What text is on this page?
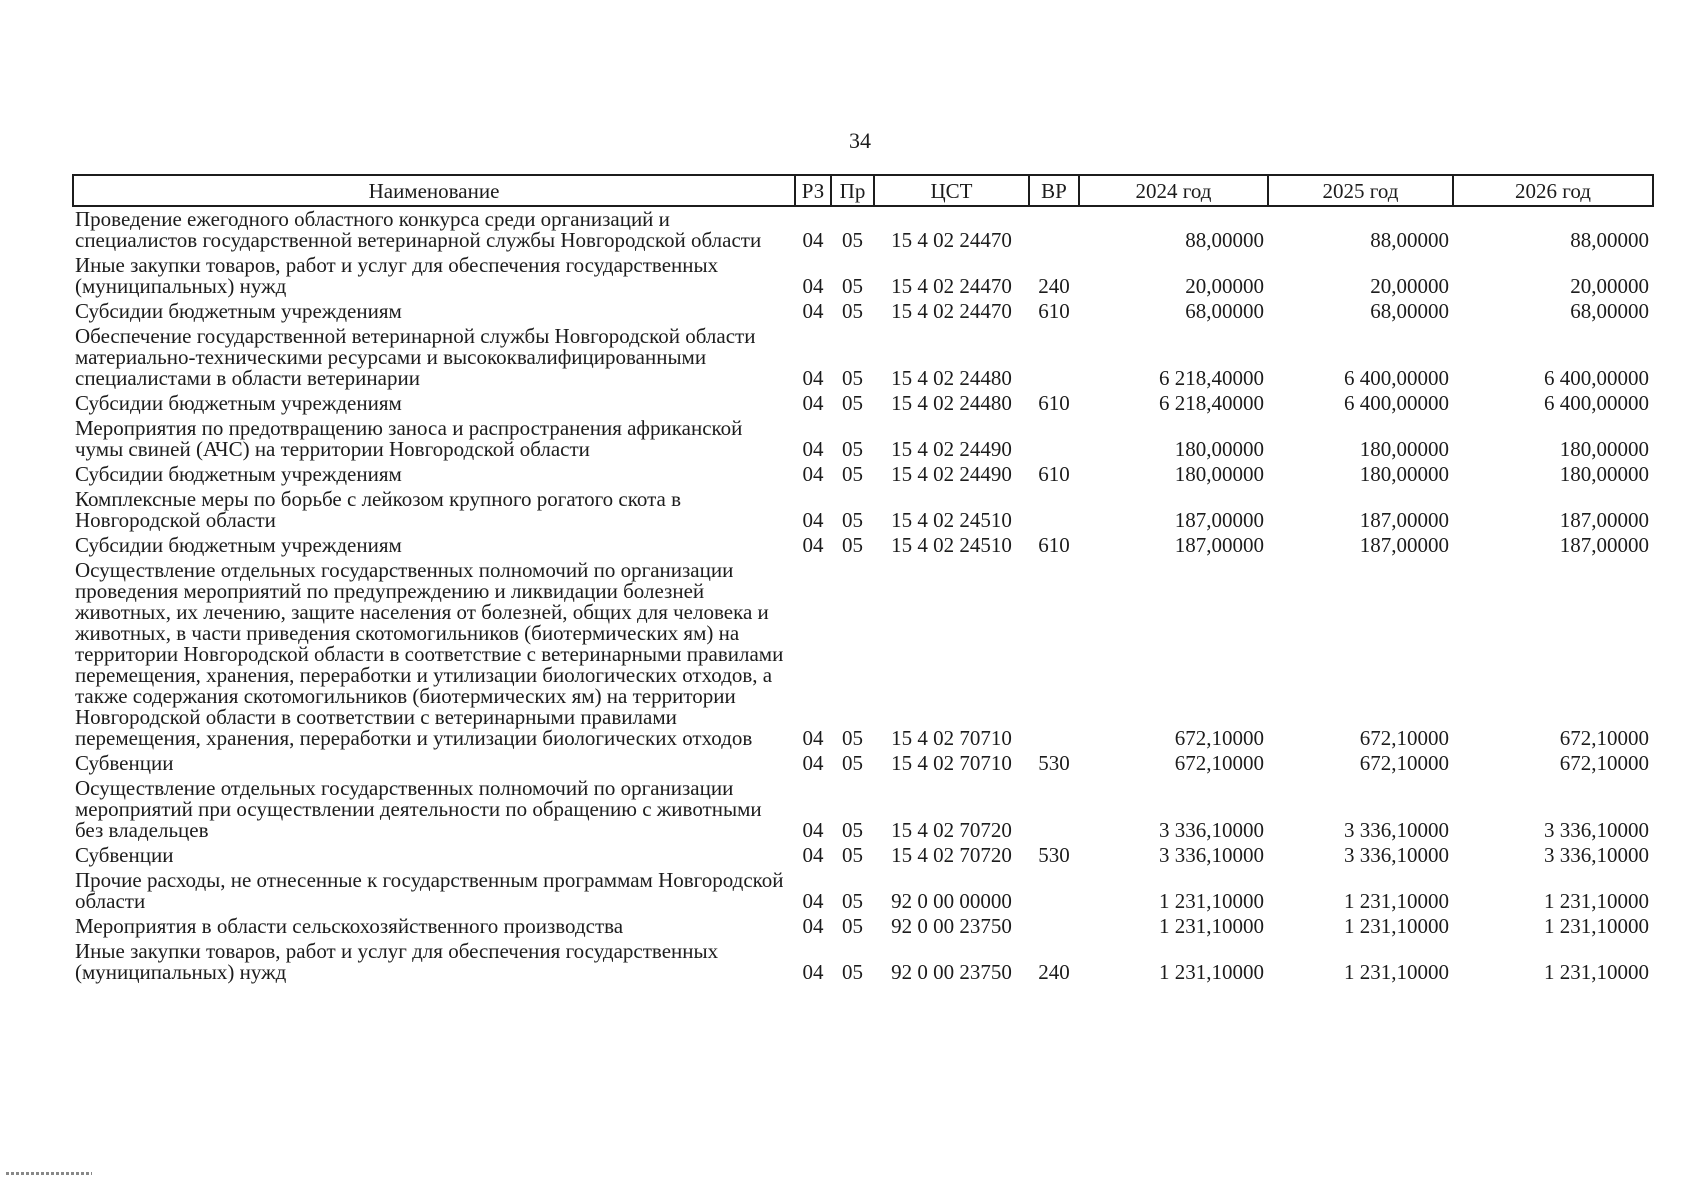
34
Наименование	РЗ	Пр	ЦСТ	ВР	2024 год	2025 год	2026 год
Проведение ежегодного областного конкурса среди организаций и специалистов государственной ветеринарной службы Новгородской области	04	05	15 4 02 24470		88,00000	88,00000	88,00000
Иные закупки товаров, работ и услуг для обеспечения государственных (муниципальных) нужд	04	05	15 4 02 24470	240	20,00000	20,00000	20,00000
Субсидии бюджетным учреждениям	04	05	15 4 02 24470	610	68,00000	68,00000	68,00000
Обеспечение государственной ветеринарной службы Новгородской области материально-техническими ресурсами и высококвалифицированными специалистами в области ветеринарии	04	05	15 4 02 24480		6 218,40000	6 400,00000	6 400,00000
Субсидии бюджетным учреждениям	04	05	15 4 02 24480	610	6 218,40000	6 400,00000	6 400,00000
Мероприятия по предотвращению заноса и распространения африканской чумы свиней (АЧС) на территории Новгородской области	04	05	15 4 02 24490		180,00000	180,00000	180,00000
Субсидии бюджетным учреждениям	04	05	15 4 02 24490	610	180,00000	180,00000	180,00000
Комплексные меры по борьбе с лейкозом крупного рогатого скота в Новгородской области	04	05	15 4 02 24510		187,00000	187,00000	187,00000
Субсидии бюджетным учреждениям	04	05	15 4 02 24510	610	187,00000	187,00000	187,00000
Осуществление отдельных государственных полномочий по организации проведения мероприятий по предупреждению и ликвидации болезней животных, их лечению, защите населения от болезней, общих для человека и животных, в части приведения скотомогильников (биотермических ям) на территории Новгородской области в соответствие с ветеринарными правилами перемещения, хранения, переработки и утилизации биологических отходов, а также содержания скотомогильников (биотермических ям) на территории Новгородской области в соответствии с ветеринарными правилами перемещения, хранения, переработки и утилизации биологических отходов	04	05	15 4 02 70710		672,10000	672,10000	672,10000
Субвенции	04	05	15 4 02 70710	530	672,10000	672,10000	672,10000
Осуществление отдельных государственных полномочий по организации мероприятий при осуществлении деятельности по обращению с животными без владельцев	04	05	15 4 02 70720		3 336,10000	3 336,10000	3 336,10000
Субвенции	04	05	15 4 02 70720	530	3 336,10000	3 336,10000	3 336,10000
Прочие расходы, не отнесенные к государственным программам Новгородской области	04	05	92 0 00 00000		1 231,10000	1 231,10000	1 231,10000
Мероприятия в области сельскохозяйственного производства	04	05	92 0 00 23750		1 231,10000	1 231,10000	1 231,10000
Иные закупки товаров, работ и услуг для обеспечения государственных (муниципальных) нужд	04	05	92 0 00 23750	240	1 231,10000	1 231,10000	1 231,10000
